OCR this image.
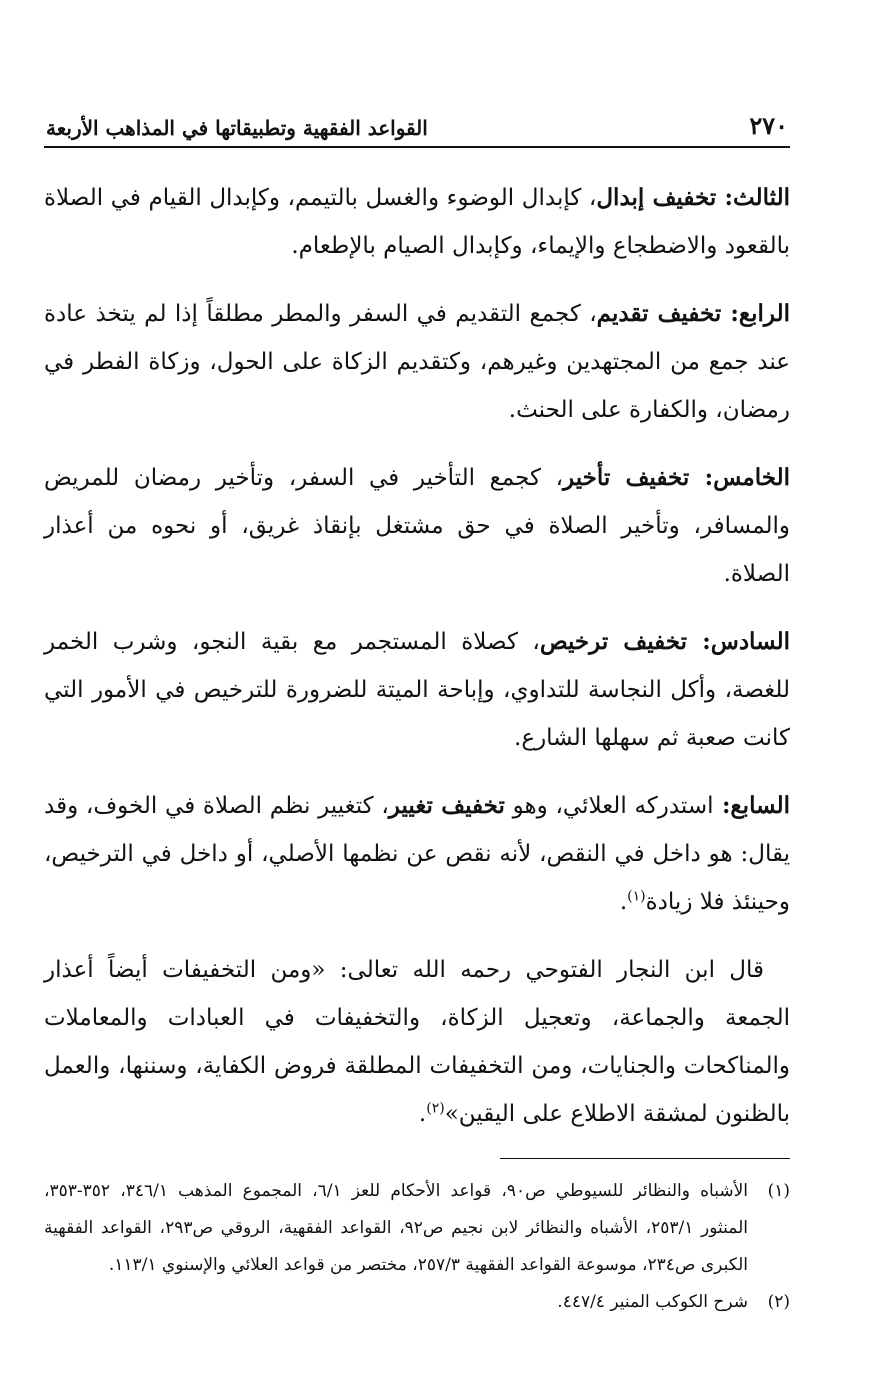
٢٧٠
القواعد الفقهية وتطبيقاتها في المذاهب الأربعة

الثالث: تخفيف إبدال، كإبدال الوضوء والغسل بالتيمم، وكإبدال القيام في الصلاة بالقعود والاضطجاع والإيماء، وكإبدال الصيام بالإطعام.

الرابع: تخفيف تقديم، كجمع التقديم في السفر والمطر مطلقاً إذا لم يتخذ عادة عند جمع من المجتهدين وغيرهم، وكتقديم الزكاة على الحول، وزكاة الفطر في رمضان، والكفارة على الحنث.

الخامس: تخفيف تأخير، كجمع التأخير في السفر، وتأخير رمضان للمريض والمسافر، وتأخير الصلاة في حق مشتغل بإنقاذ غريق، أو نحوه من أعذار الصلاة.

السادس: تخفيف ترخيص، كصلاة المستجمر مع بقية النجو، وشرب الخمر للغصة، وأكل النجاسة للتداوي، وإباحة الميتة للضرورة للترخيص في الأمور التي كانت صعبة ثم سهلها الشارع.

السابع: استدركه العلائي، وهو تخفيف تغيير، كتغيير نظم الصلاة في الخوف، وقد يقال: هو داخل في النقص، لأنه نقص عن نظمها الأصلي، أو داخل في الترخيص، وحينئذ فلا زيادة$^{(١)}$.

قال ابن النجار الفتوحي رحمه الله تعالى: «ومن التخفيفات أيضاً أعذار الجمعة والجماعة، وتعجيل الزكاة، والتخفيفات في العبادات والمعاملات والمناكحات والجنايات، ومن التخفيفات المطلقة فروض الكفاية، وسننها، والعمل بالظنون لمشقة الاطلاع على اليقين»$^{(٢)}$.

(١)
الأشباه والنظائر للسيوطي ص٩٠، قواعد الأحكام للعز ٦/١، المجموع المذهب ٣٤٦/١، ٣٥٢-٣٥٣، المنثور ٢٥٣/١، الأشباه والنظائر لابن نجيم ص٩٢، القواعد الفقهية، الروقي ص٢٩٣، القواعد الفقهية الكبرى ص٢٣٤، موسوعة القواعد الفقهية ٢٥٧/٣، مختصر من قواعد العلائي والإسنوي ١١٣/١.

(٢)
شرح الكوكب المنير ٤٤٧/٤.
